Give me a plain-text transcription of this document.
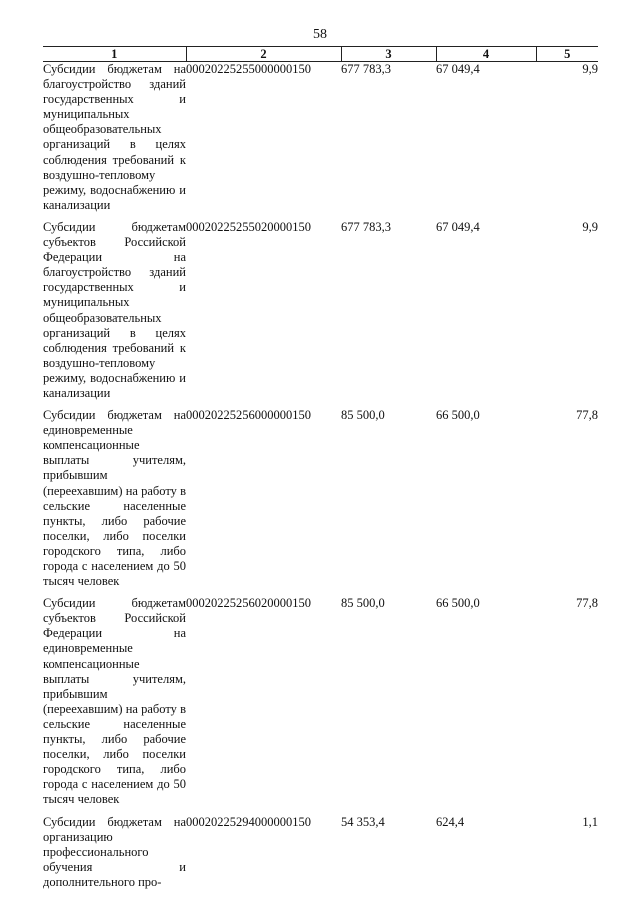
58
1	2	3	4	5

Субсидии бюджетам на благоустройство зданий государственных и муниципальных общеобразовательных организаций в целях соблюдения требований к воздушно-тепловому режиму, водоснабжению и канализации	00020225255000000150	677 783,3	67 049,4	9,9

Субсидии бюджетам субъектов Российской Федерации на благоустройство зданий государственных и муниципальных общеобразовательных организаций в целях соблюдения требований к воздушно-тепловому режиму, водоснабжению и канализации	00020225255020000150	677 783,3	67 049,4	9,9

Субсидии бюджетам на единовременные компенсационные выплаты учителям, прибывшим (переехавшим) на работу в сельские населенные пункты, либо рабочие поселки, либо поселки городского типа, либо города с населением до 50 тысяч человек	00020225256000000150	85 500,0	66 500,0	77,8

Субсидии бюджетам субъектов Российской Федерации на единовременные компенсационные выплаты учителям, прибывшим (переехавшим) на работу в сельские населенные пункты, либо рабочие поселки, либо поселки городского типа, либо города с населением до 50 тысяч человек	00020225256020000150	85 500,0	66 500,0	77,8

Субсидии бюджетам на организацию профессионального обучения и дополнительного про-	00020225294000000150	54 353,4	624,4	1,1
